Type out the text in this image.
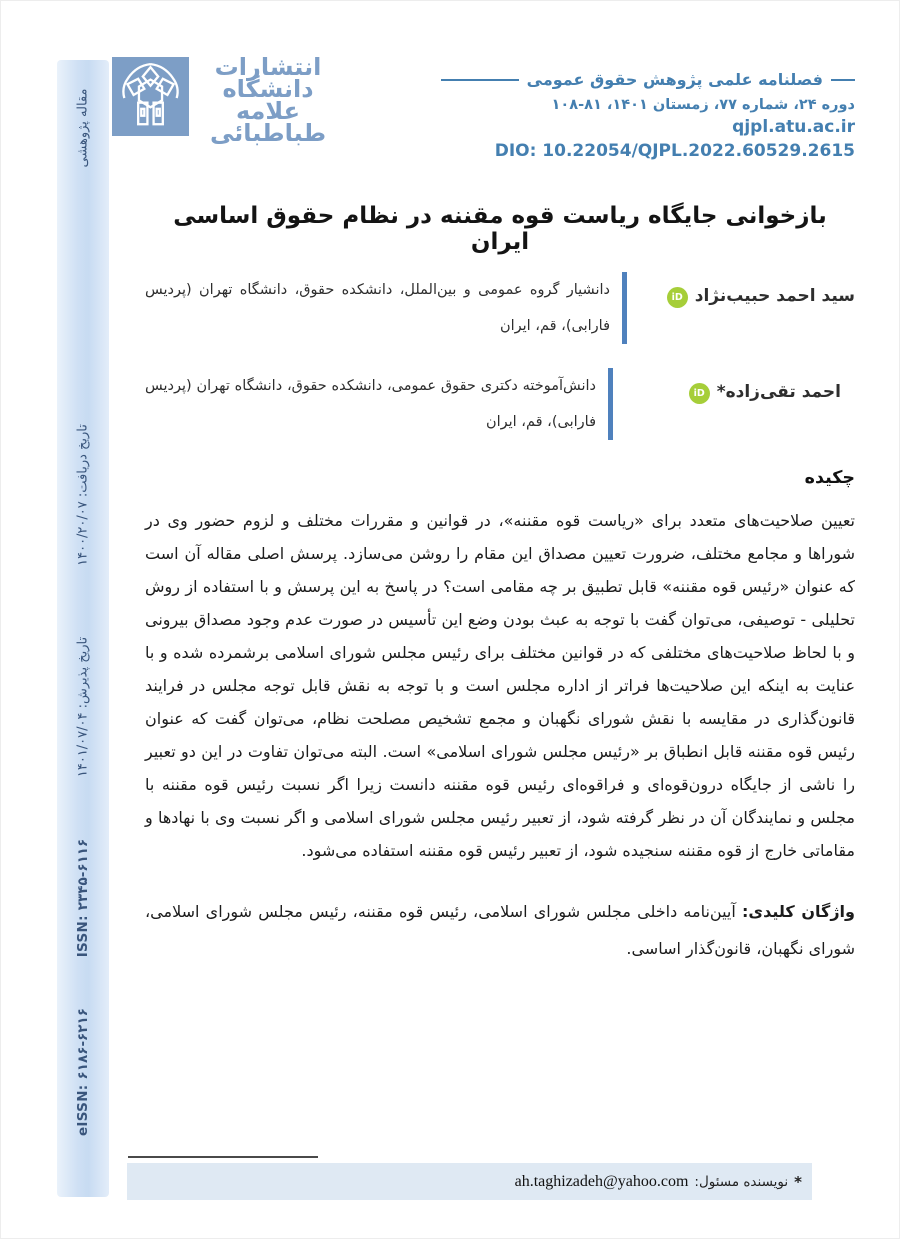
مقاله پژوهشی
تاریخ دریافت: ۱۴۰۰/۲۰/۰۷
تاریخ پذیرش: ۱۴۰۱/۰۷/۰۴
ISSN: ۲۳۴۵-۶۱۱۶
eISSN: ۶۱۸۶-۶۲۱۶
انتشارات
دانشگاه
علامه
طباطبائی
فصلنامه علمی پژوهش حقوق عمومی
دوره ۲۴، شماره ۷۷، زمستان ۱۴۰۱، ۸۱-۱۰۸
qjpl.atu.ac.ir
DIO: 10.22054/QJPL.2022.60529.2615
بازخوانی جایگاه ریاست قوه مقننه در نظام حقوق اساسی ایران
سید احمد حبیب‌نژاد
iD
دانشیار گروه عمومی و بین‌الملل، دانشکده حقوق، دانشگاه تهران (پردیس فارابی)، قم، ایران
احمد تقی‌زاده*
iD
دانش‌آموخته دکتری حقوق عمومی، دانشکده حقوق، دانشگاه تهران (پردیس فارابی)، قم، ایران
چکیده

تعیین صلاحیت‌های متعدد برای «ریاست قوه مقننه»، در قوانین و مقررات مختلف و لزوم حضور وی در شوراها و مجامع مختلف، ضرورت تعیین مصداق این مقام را روشن می‌سازد. پرسش اصلی مقاله آن است که عنوان «رئیس قوه مقننه» قابل تطبیق بر چه مقامی است؟ در پاسخ به این پرسش و با استفاده از روش تحلیلی - توصیفی، می‌توان گفت با توجه به عبث بودن وضع این تأسیس در صورت عدم وجود مصداق بیرونی و با لحاظ صلاحیت‌های مختلفی که در قوانین مختلف برای رئیس مجلس شورای اسلامی برشمرده شده و با عنایت به اینکه این صلاحیت‌ها فراتر از اداره مجلس است و با توجه به نقش قابل توجه مجلس در فرایند قانون‌گذاری در مقایسه با نقش شورای نگهبان و مجمع تشخیص مصلحت نظام، می‌توان گفت که عنوان رئیس قوه مقننه قابل انطباق بر «رئیس مجلس شورای اسلامی» است. البته می‌توان تفاوت در این دو تعبیر را ناشی از جایگاه درون‌قوه‌ای و فراقوه‌ای رئیس قوه مقننه دانست زیرا اگر نسبت رئیس قوه مقننه با مجلس و نمایندگان آن در نظر گرفته شود، از تعبیر رئیس مجلس شورای اسلامی و اگر نسبت وی با نهادها و مقاماتی خارج از قوه مقننه سنجیده شود، از تعبیر رئیس قوه مقننه استفاده می‌شود.

واژگان کلیدی: آیین‌نامه داخلی مجلس شورای اسلامی، رئیس قوه مقننه، رئیس مجلس شورای اسلامی، شورای نگهبان، قانون‌گذار اساسی.

*
نویسنده مسئول:
ah.taghizadeh@yahoo.com
